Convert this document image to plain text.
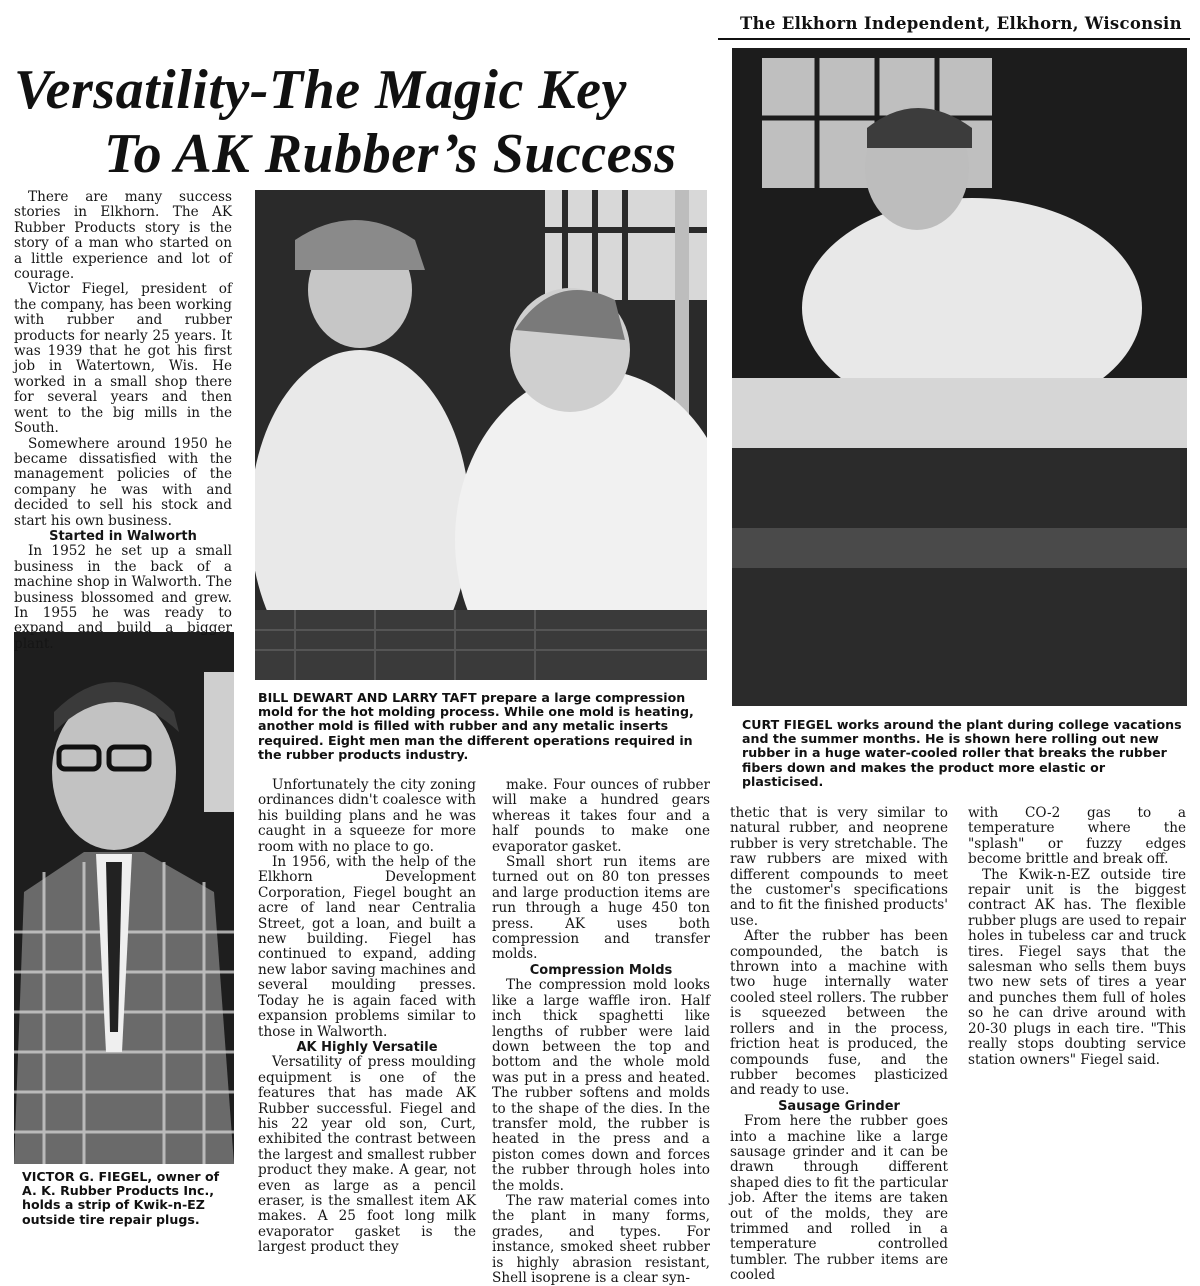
The Elkhorn Independent, Elkhorn, Wisconsin
Versatility-The Magic Key
To AK Rubber’s Success
BILL DEWART AND LARRY TAFT prepare a large compression mold for the hot molding process. While one mold is heating, another mold is filled with rubber and any metalic inserts required. Eight men man the different operations required in the rubber products industry.
CURT FIEGEL works around the plant during college vacations and the summer months. He is shown here rolling out new rubber in a huge water-cooled roller that breaks the rubber fibers down and makes the product more elastic or plasticised.
VICTOR G. FIEGEL, owner of A. K. Rubber Products Inc., holds a strip of Kwik-n-EZ outside tire repair plugs.

There are many success stories in Elkhorn. The AK Rubber Products story is the story of a man who started on a little experience and lot of courage.

Victor Fiegel, president of the company, has been working with rubber and rubber products for nearly 25 years. It was 1939 that he got his first job in Watertown, Wis. He worked in a small shop there for several years and then went to the big mills in the South.

Somewhere around 1950 he became dissatisfied with the management policies of the company he was with and decided to sell his stock and start his own business.

Started in Walworth

In 1952 he set up a small business in the back of a machine shop in Walworth. The business blossomed and grew. In 1955 he was ready to expand and build a bigger plant.

Unfortunately the city zoning ordinances didn't coalesce with his building plans and he was caught in a squeeze for more room with no place to go.

In 1956, with the help of the Elkhorn Development Corporation, Fiegel bought an acre of land near Centralia Street, got a loan, and built a new building. Fiegel has continued to expand, adding new labor saving machines and several moulding presses. Today he is again faced with expansion problems similar to those in Walworth.

AK Highly Versatile

Versatility of press moulding equipment is one of the features that has made AK Rubber successful. Fiegel and his 22 year old son, Curt, exhibited the contrast between the largest and smallest rubber product they make. A gear, not even as large as a pencil eraser, is the smallest item AK makes. A 25 foot long milk evaporator gasket is the largest product they

make. Four ounces of rubber will make a hundred gears whereas it takes four and a half pounds to make one evaporator gasket.

Small short run items are turned out on 80 ton presses and large production items are run through a huge 450 ton press. AK uses both compression and transfer molds.

Compression Molds

The compression mold looks like a large waffle iron. Half inch thick spaghetti like lengths of rubber were laid down between the top and bottom and the whole mold was put in a press and heated. The rubber softens and molds to the shape of the dies. In the transfer mold, the rubber is heated in the press and a piston comes down and forces the rubber through holes into the molds.

The raw material comes into the plant in many forms, grades, and types. For instance, smoked sheet rubber is highly abrasion resistant, Shell isoprene is a clear syn-

thetic that is very similar to natural rubber, and neoprene rubber is very stretchable. The raw rubbers are mixed with different compounds to meet the customer's specifications and to fit the finished products' use.

After the rubber has been compounded, the batch is thrown into a machine with two huge internally water cooled steel rollers. The rubber is squeezed between the rollers and in the process, friction heat is produced, the compounds fuse, and the rubber becomes plasticized and ready to use.

Sausage Grinder

From here the rubber goes into a machine like a large sausage grinder and it can be drawn through different shaped dies to fit the particular job. After the items are taken out of the molds, they are trimmed and rolled in a temperature controlled tumbler. The rubber items are cooled

with CO-2 gas to a temperature where the "splash" or fuzzy edges become brittle and break off.

The Kwik-n-EZ outside tire repair unit is the biggest contract AK has. The flexible rubber plugs are used to repair holes in tubeless car and truck tires. Fiegel says that the salesman who sells them buys two new sets of tires a year and punches them full of holes so he can drive around with 20-30 plugs in each tire. "This really stops doubting service station owners" Fiegel said.
